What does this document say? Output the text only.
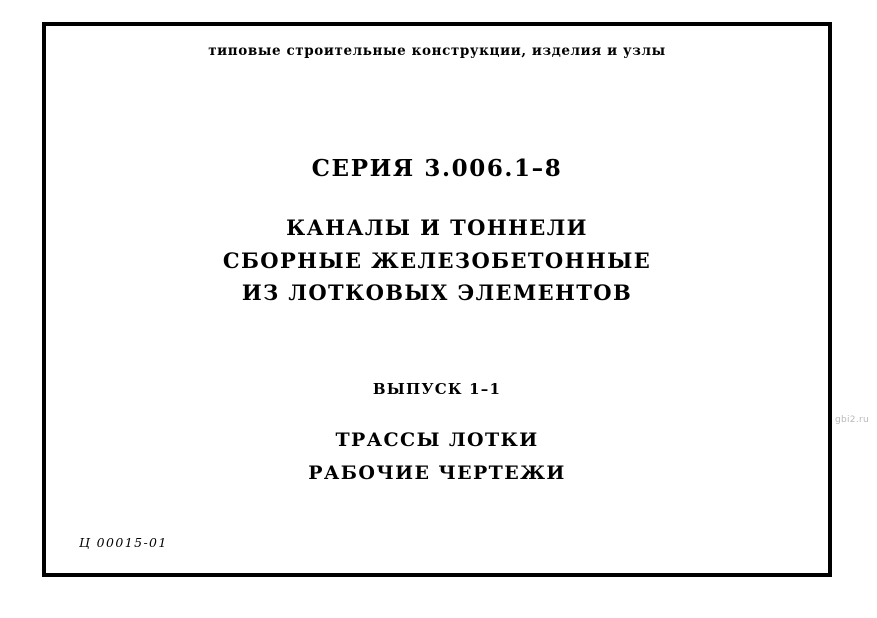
типовые строительные конструкции, изделия и узлы
СЕРИЯ 3.006.1–8
КАНАЛЫ И ТОННЕЛИ
СБОРНЫЕ ЖЕЛЕЗОБЕТОННЫЕ
ИЗ ЛОТКОВЫХ ЭЛЕМЕНТОВ
ВЫПУСК 1–1
ТРАССЫ ЛОТКИ
РАБОЧИЕ ЧЕРТЕЖИ
Ц 00015-01
gbi2.ru
